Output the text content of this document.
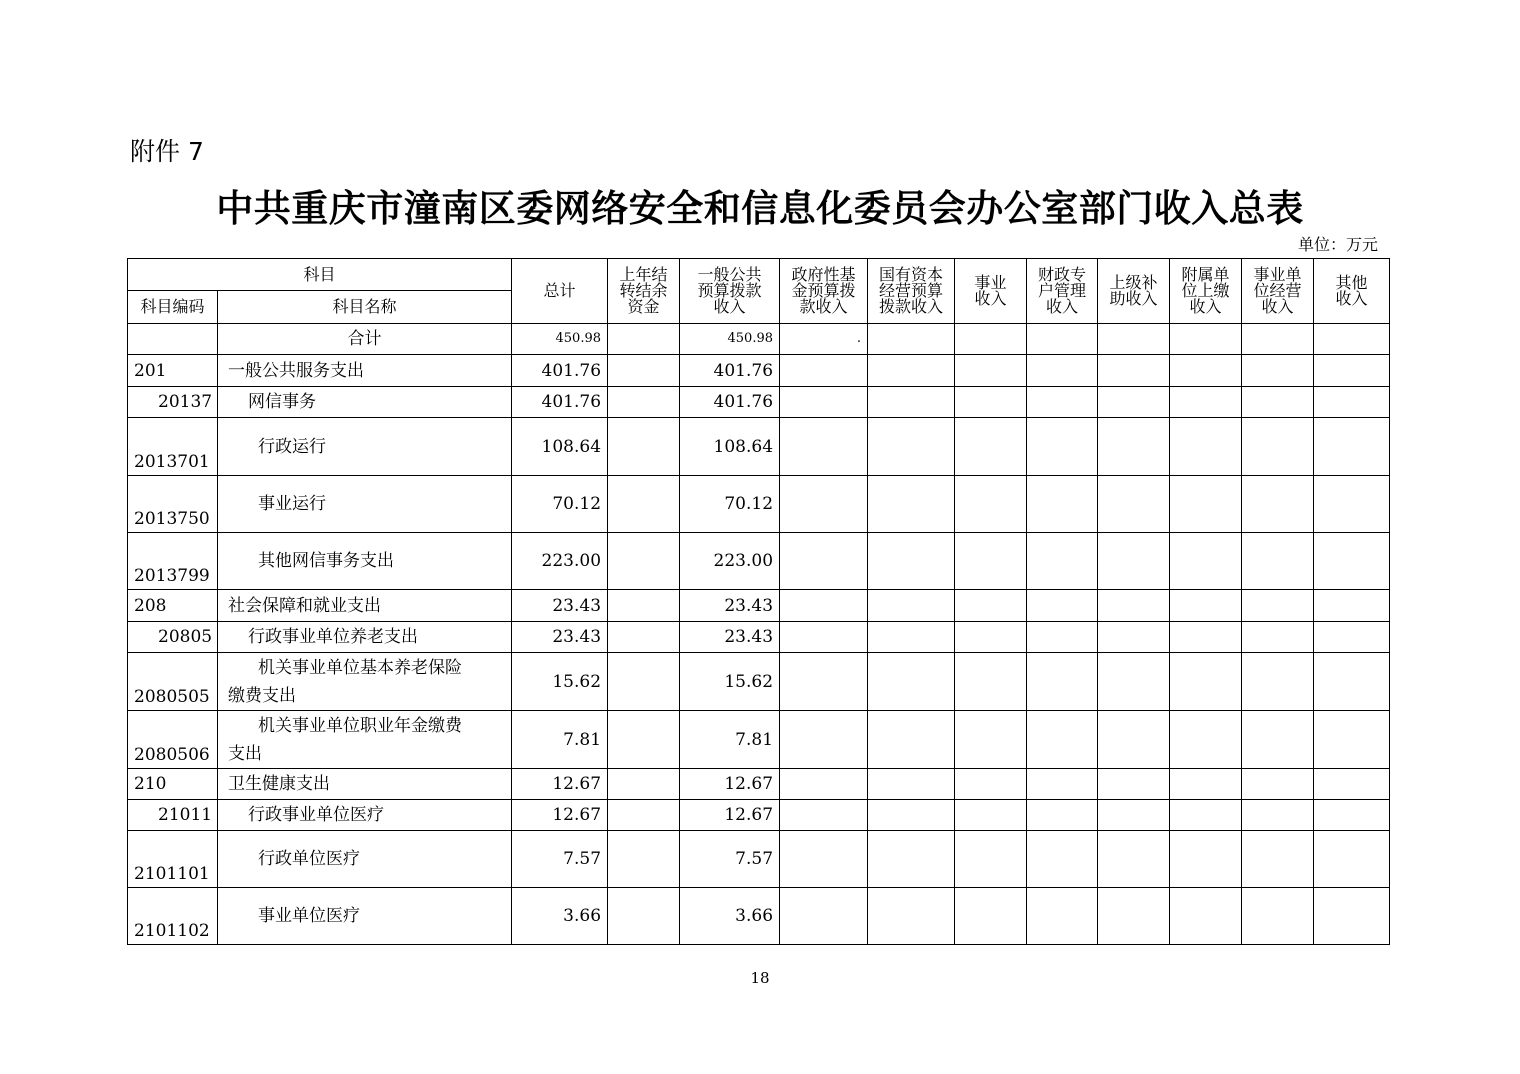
附件 7
中共重庆市潼南区委网络安全和信息化委员会办公室部门收入总表
单位：万元
科目		总计	上年结
转结余
资金	一般公共
预算拨款
收入	政府性基
金预算拨
款收入	国有资本
经营预算
拨款收入	事业
收入	财政专
户管理
收入	上级补
助收入	附属单
位上缴
收入	事业单
位经营
收入	其他
收入
科目编码	科目名称											
	合计	450.98		450.98	.							
201	一般公共服务支出	401.76		401.76								
20137	网信事务	401.76		401.76								
2013701	行政运行	108.64		108.64								
2013750	事业运行	70.12		70.12								
2013799	其他网信事务支出	223.00		223.00								
208	社会保障和就业支出	23.43		23.43								
20805	行政事业单位养老支出	23.43		23.43								
2080505	机关事业单位基本养老保险
缴费支出	15.62		15.62								
2080506	机关事业单位职业年金缴费
支出	7.81		7.81								
210	卫生健康支出	12.67		12.67								
21011	行政事业单位医疗	12.67		12.67								
2101101	行政单位医疗	7.57		7.57								
2101102	事业单位医疗	3.66		3.66								
18
